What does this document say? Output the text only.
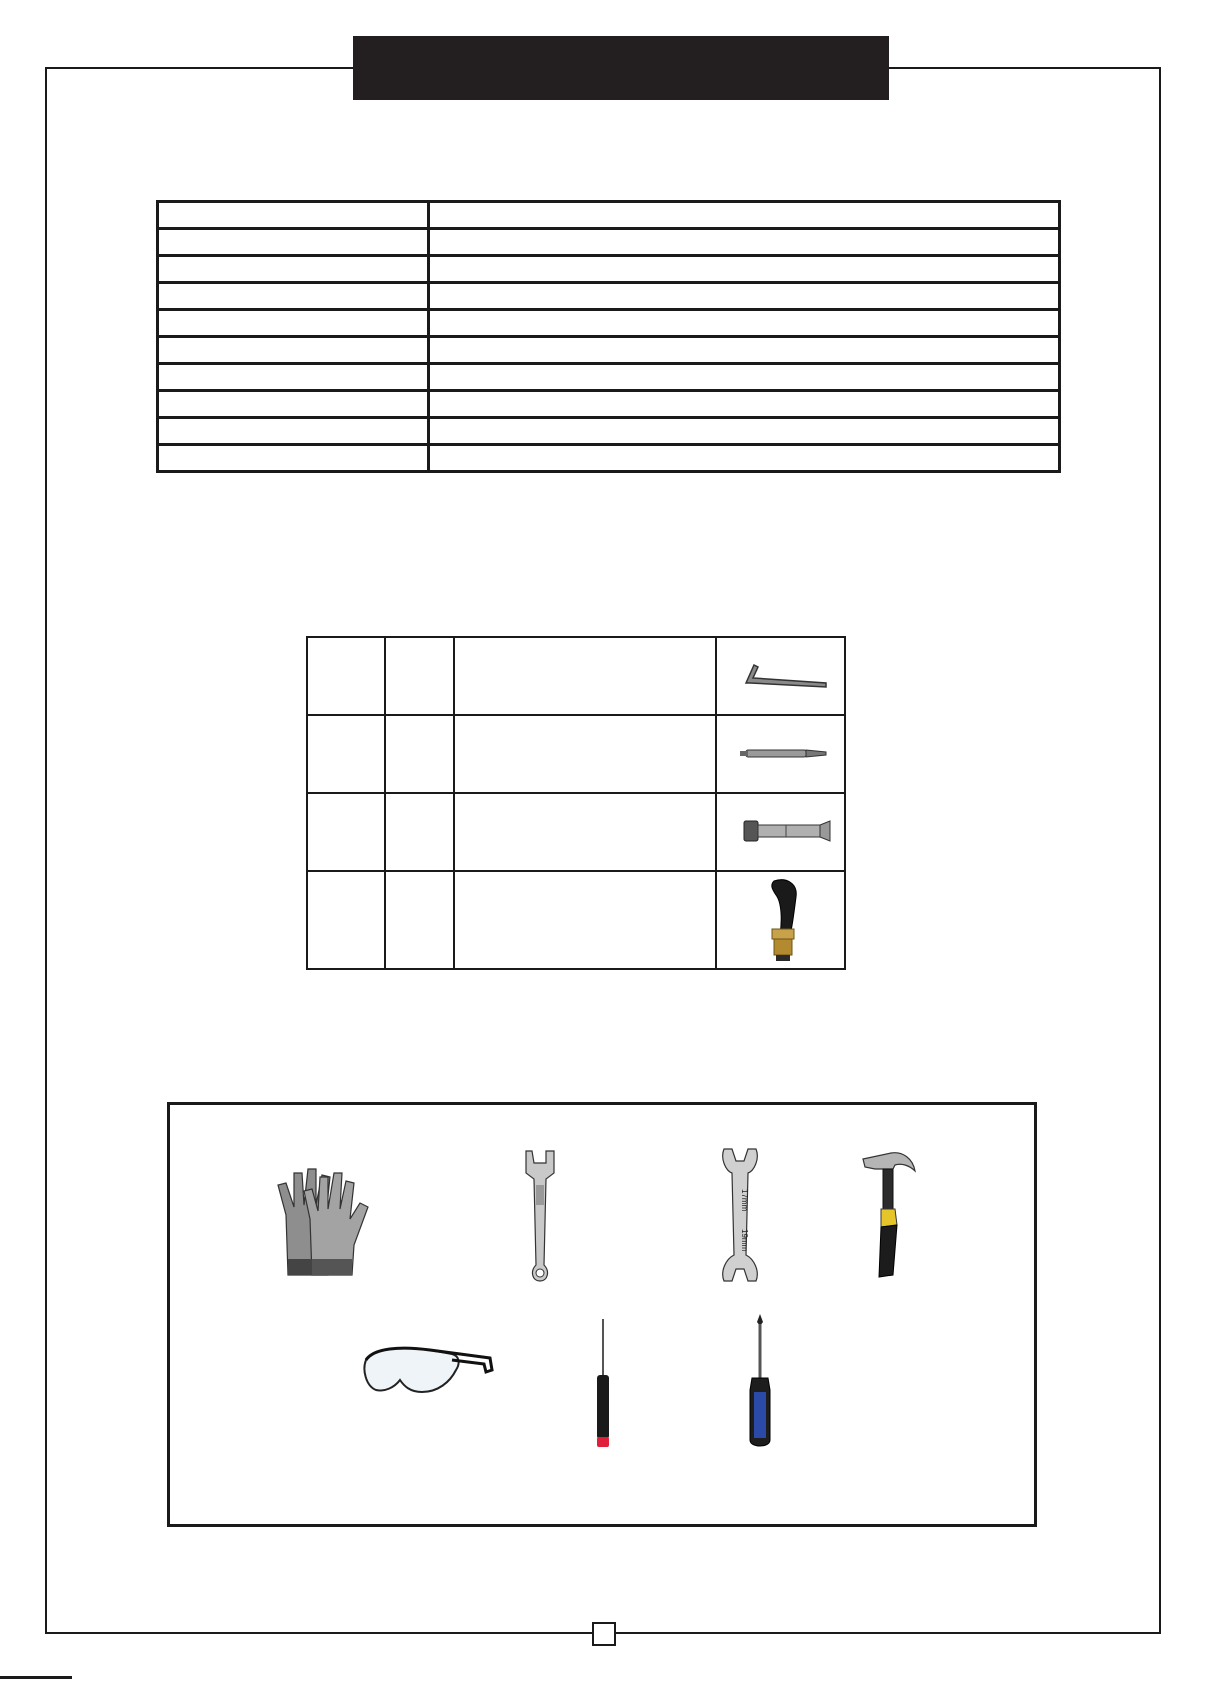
17mm
19mm
